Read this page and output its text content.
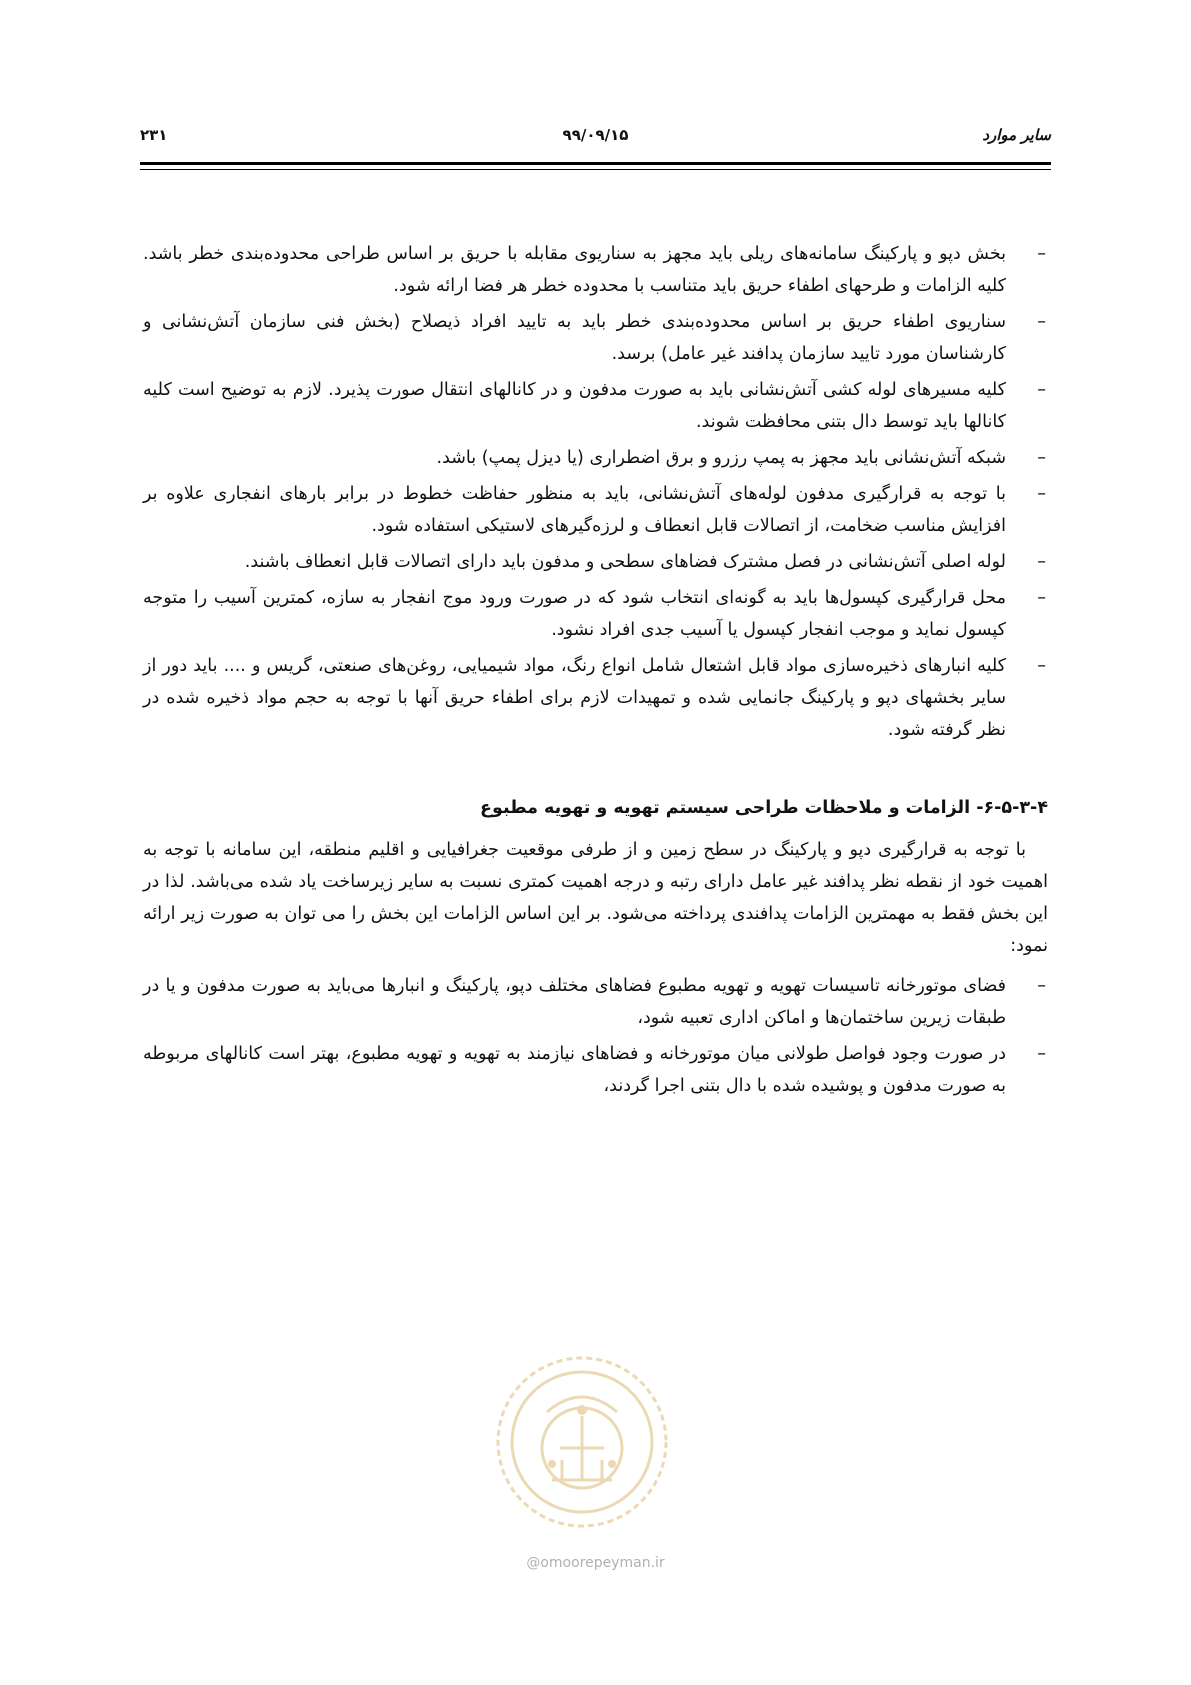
۲۳۱	۹۹/۰۹/۱۵	سایر موارد
–
بخش دپو و پارکینگ سامانه‌های ریلی باید مجهز به سناریوی مقابله با حریق بر اساس طراحی محدوده‌بندی خطر باشد. کلیه الزامات و طرحهای اطفاء حریق باید متناسب با محدوده خطر هر فضا ارائه شود.
–
سناریوی اطفاء حریق بر اساس محدوده‌بندی خطر باید به تایید افراد ذیصلاح (بخش فنی سازمان آتش‌نشانی و کارشناسان مورد تایید سازمان پدافند غیر عامل) برسد.
–
کلیه مسیرهای لوله کشی آتش‌نشانی باید به صورت مدفون و در کانالهای انتقال صورت پذیرد. لازم به توضیح است کلیه کانالها باید توسط دال بتنی محافظت شوند.
–
شبکه آتش‌نشانی باید مجهز به پمپ رزرو و برق اضطراری (یا دیزل پمپ) باشد.
–
با توجه به قرارگیری مدفون لوله‌های آتش‌نشانی، باید به منظور حفاظت خطوط در برابر بارهای انفجاری علاوه بر افزایش مناسب ضخامت، از اتصالات قابل انعطاف و لرزه‌گیرهای لاستیکی استفاده شود.
–
لوله اصلی آتش‌نشانی در فصل مشترک فضاهای سطحی و مدفون باید دارای اتصالات قابل انعطاف باشند.
–
محل قرارگیری کپسول‌ها باید به گونه‌ای انتخاب شود که در صورت ورود موج انفجار به سازه، کمترین آسیب را متوجه کپسول نماید و موجب انفجار کپسول یا آسیب جدی افراد نشود.
–
کلیه انبارهای ذخیره‌سازی مواد قابل اشتعال شامل انواع رنگ، مواد شیمیایی، روغن‌های صنعتی، گریس و .... باید دور از سایر بخشهای دپو و پارکینگ جانمایی شده و تمهیدات لازم برای اطفاء حریق آنها با توجه به حجم مواد ذخیره شده در نظر گرفته شود.
۶-۵-۳-۴- الزامات و ملاحظات طراحی سیستم تهویه و تهویه مطبوع
با توجه به قرارگیری دپو و پارکینگ در سطح زمین و از طرفی موقعیت جغرافیایی و اقلیم منطقه، این سامانه با توجه به اهمیت خود از نقطه نظر پدافند غیر عامل دارای رتبه و درجه اهمیت کمتری نسبت به سایر زیرساخت یاد شده می‌باشد. لذا در این بخش فقط به مهمترین الزامات پدافندی پرداخته می‌شود. بر این اساس الزامات این بخش را می توان به صورت زیر ارائه نمود:
–
فضای موتورخانه تاسیسات تهویه و تهویه مطبوع فضاهای مختلف دپو، پارکینگ و انبارها می‌باید به صورت مدفون و یا در طبقات زیرین ساختمان‌ها و اماکن اداری تعبیه شود،
–
در صورت وجود فواصل طولانی میان موتورخانه و فضاهای نیازمند به تهویه و تهویه مطبوع، بهتر است کانالهای مربوطه به صورت مدفون و پوشیده شده با دال بتنی اجرا گردند،
@omoorepeyman.ir
